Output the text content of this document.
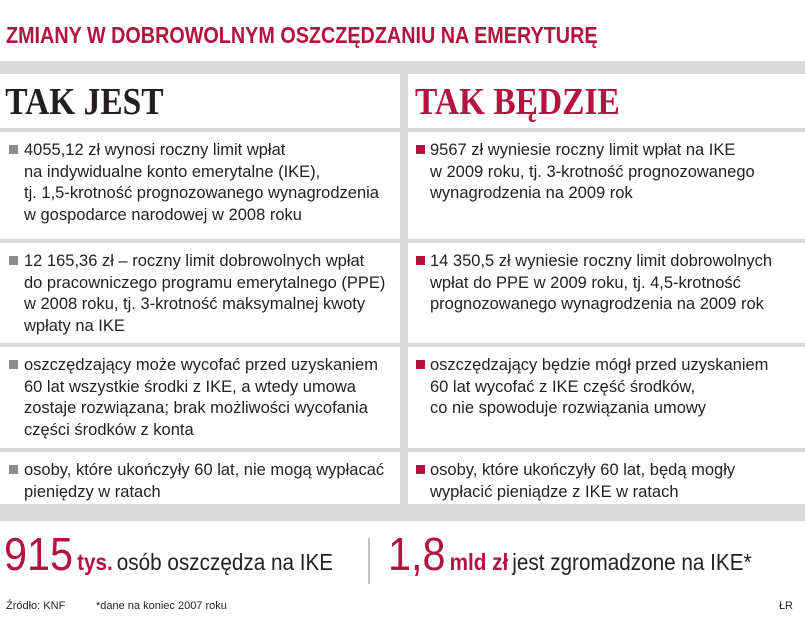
ZMIANY W DOBROWOLNYM OSZCZĘDZANIU NA EMERYTURĘ
TAK JEST
4055,12 zł wynosi roczny limit wpłat
na indywidualne konto emerytalne (IKE),
tj. 1,5-krotność prognozowanego wynagrodzenia
w gospodarce narodowej w 2008 roku
12 165,36 zł – roczny limit dobrowolnych wpłat
do pracowniczego programu emerytalnego (PPE)
w 2008 roku, tj. 3-krotność maksymalnej kwoty
wpłaty na IKE
oszczędzający może wycofać przed uzyskaniem
60 lat wszystkie środki z IKE, a wtedy umowa
zostaje rozwiązana; brak możliwości wycofania
części środków z konta
osoby, które ukończyły 60 lat, nie mogą wypłacać
pieniędzy w ratach
TAK BĘDZIE
9567 zł wyniesie roczny limit wpłat na IKE
w 2009 roku, tj. 3-krotność prognozowanego
wynagrodzenia na 2009 rok
14 350,5 zł wyniesie roczny limit dobrowolnych
wpłat do PPE w 2009 roku, tj. 4,5-krotność
prognozowanego wynagrodzenia na 2009 rok
oszczędzający będzie mógł przed uzyskaniem
60 lat wycofać z IKE część środków,
co nie spowoduje rozwiązania umowy
osoby, które ukończyły 60 lat, będą mogły
wypłacić pieniądze z IKE w ratach
915 tys. osób oszczędza na IKE 1,8 mld zł jest zgromadzone na IKE*
Źródło: KNF	*dane na koniec 2007 roku	ŁR
